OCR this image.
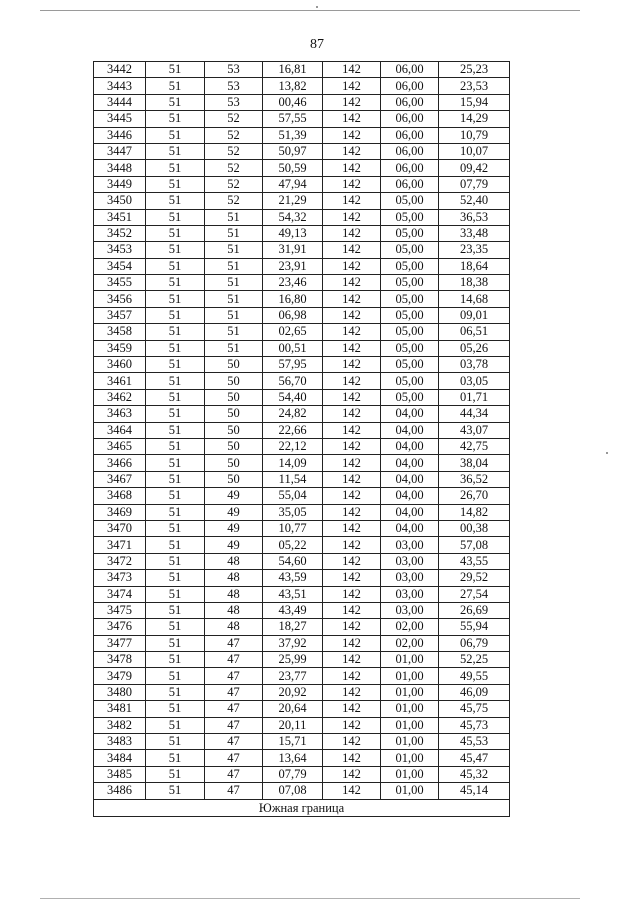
87
3442	51	53	16,81	142	06,00	25,23
3443	51	53	13,82	142	06,00	23,53
3444	51	53	00,46	142	06,00	15,94
3445	51	52	57,55	142	06,00	14,29
3446	51	52	51,39	142	06,00	10,79
3447	51	52	50,97	142	06,00	10,07
3448	51	52	50,59	142	06,00	09,42
3449	51	52	47,94	142	06,00	07,79
3450	51	52	21,29	142	05,00	52,40
3451	51	51	54,32	142	05,00	36,53
3452	51	51	49,13	142	05,00	33,48
3453	51	51	31,91	142	05,00	23,35
3454	51	51	23,91	142	05,00	18,64
3455	51	51	23,46	142	05,00	18,38
3456	51	51	16,80	142	05,00	14,68
3457	51	51	06,98	142	05,00	09,01
3458	51	51	02,65	142	05,00	06,51
3459	51	51	00,51	142	05,00	05,26
3460	51	50	57,95	142	05,00	03,78
3461	51	50	56,70	142	05,00	03,05
3462	51	50	54,40	142	05,00	01,71
3463	51	50	24,82	142	04,00	44,34
3464	51	50	22,66	142	04,00	43,07
3465	51	50	22,12	142	04,00	42,75
3466	51	50	14,09	142	04,00	38,04
3467	51	50	11,54	142	04,00	36,52
3468	51	49	55,04	142	04,00	26,70
3469	51	49	35,05	142	04,00	14,82
3470	51	49	10,77	142	04,00	00,38
3471	51	49	05,22	142	03,00	57,08
3472	51	48	54,60	142	03,00	43,55
3473	51	48	43,59	142	03,00	29,52
3474	51	48	43,51	142	03,00	27,54
3475	51	48	43,49	142	03,00	26,69
3476	51	48	18,27	142	02,00	55,94
3477	51	47	37,92	142	02,00	06,79
3478	51	47	25,99	142	01,00	52,25
3479	51	47	23,77	142	01,00	49,55
3480	51	47	20,92	142	01,00	46,09
3481	51	47	20,64	142	01,00	45,75
3482	51	47	20,11	142	01,00	45,73
3483	51	47	15,71	142	01,00	45,53
3484	51	47	13,64	142	01,00	45,47
3485	51	47	07,79	142	01,00	45,32
3486	51	47	07,08	142	01,00	45,14
Южная граница						
